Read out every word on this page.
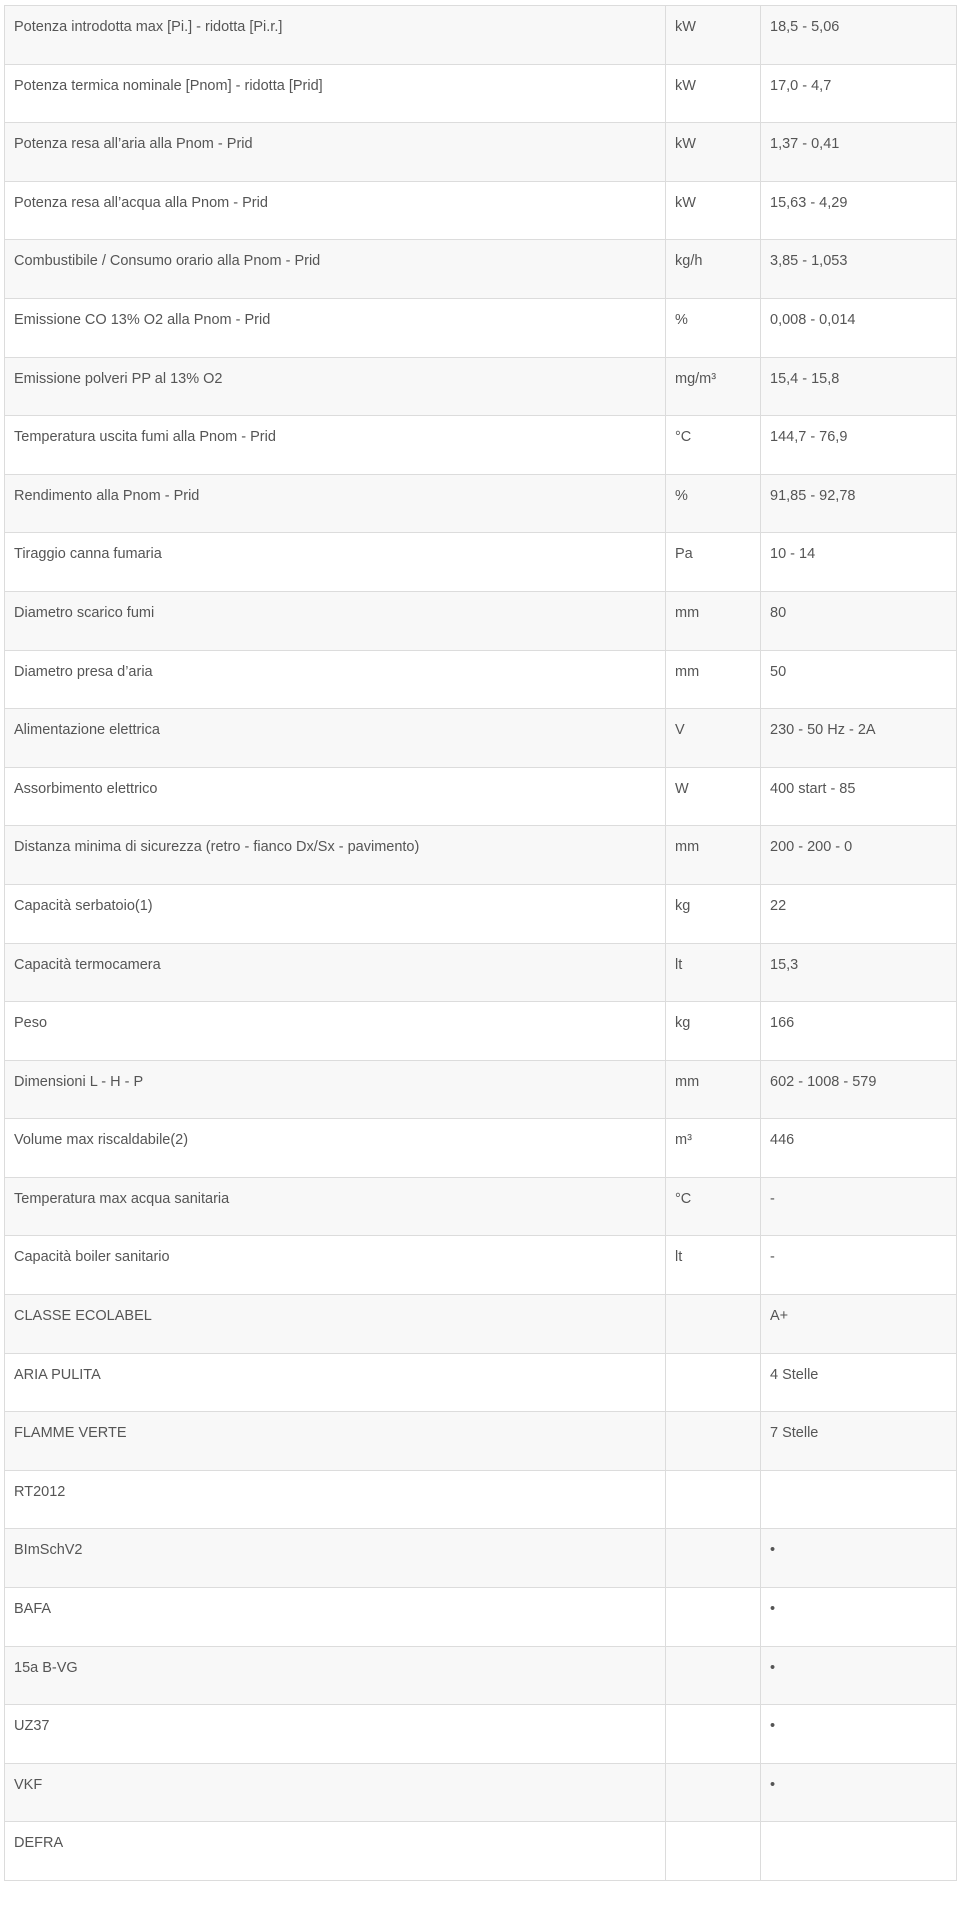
Potenza introdotta max [Pi.] - ridotta [Pi.r.]	kW	18,5 - 5,06
Potenza termica nominale [Pnom] - ridotta [Prid]	kW	17,0 - 4,7
Potenza resa all’aria alla Pnom - Prid	kW	1,37 - 0,41
Potenza resa all’acqua alla Pnom - Prid	kW	15,63 - 4,29
Combustibile / Consumo orario alla Pnom - Prid	kg/h	3,85 - 1,053
Emissione CO 13% O2 alla Pnom - Prid	%	0,008 - 0,014
Emissione polveri PP al 13% O2	mg/m³	15,4 - 15,8
Temperatura uscita fumi alla Pnom - Prid	°C	144,7 - 76,9
Rendimento alla Pnom - Prid	%	91,85 - 92,78
Tiraggio canna fumaria	Pa	10 - 14
Diametro scarico fumi	mm	80
Diametro presa d’aria	mm	50
Alimentazione elettrica	V	230 - 50 Hz - 2A
Assorbimento elettrico	W	400 start - 85
Distanza minima di sicurezza (retro - fianco Dx/Sx - pavimento)	mm	200 - 200 - 0
Capacità serbatoio(1)	kg	22
Capacità termocamera	lt	15,3
Peso	kg	166
Dimensioni L - H - P	mm	602 - 1008 - 579
Volume max riscaldabile(2)	m³	446
Temperatura max acqua sanitaria	°C	-
Capacità boiler sanitario	lt	-
CLASSE ECOLABEL		A+
ARIA PULITA		4 Stelle
FLAMME VERTE		7 Stelle
RT2012		
BImSchV2		•
BAFA		•
15a B-VG		•
UZ37		•
VKF		•
DEFRA		
